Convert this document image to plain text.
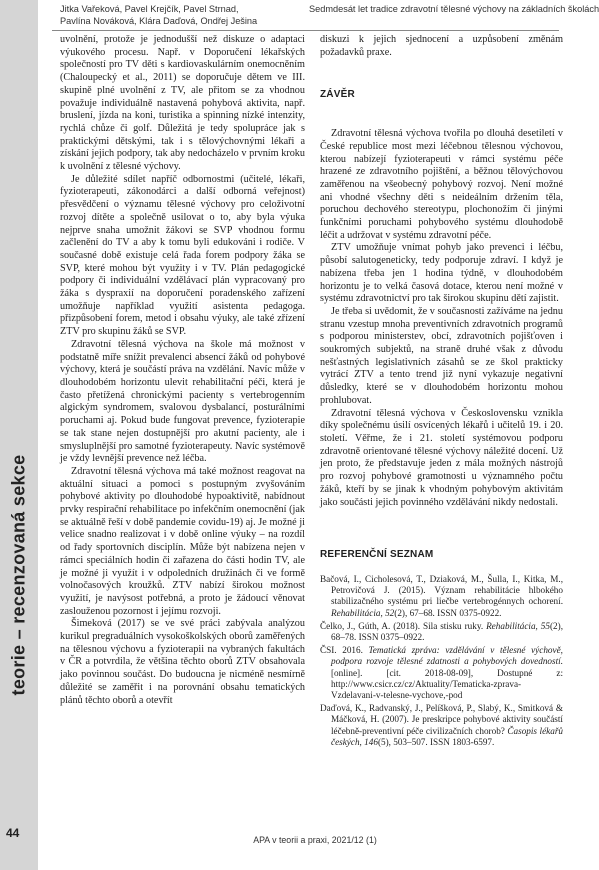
teorie – recenzovaná sekce
44
Jitka Vařeková, Pavel Krejčík, Pavel Strnad,
Pavlína Nováková, Klára Daďová, Ondřej Ješina
Sedmdesát let tradice zdravotní tělesné výchovy na základních školách

uvolnění, protože je jednodušší než diskuze o adaptaci výukového procesu. Např. v Doporučení lékařských společností pro TV děti s kardiovaskulárním onemocněním (Chaloupecký et al., 2011) se doporučuje dětem ve III. skupině plné uvolnění z TV, ale přitom se za vhodnou považuje individuálně nastavená pohybová aktivita, např. bruslení, jízda na koni, turistika a spinning nízké intenzity, rychlá chůze či golf. Důležitá je tedy spolupráce jak s praktickými dětskými, tak i s tělovýchovnými lékaři a získání jejich podpory, tak aby nedocházelo v prvním kroku k uvolnění z tělesné výchovy.

Je důležité sdílet napříč odbornostmi (učitelé, lékaři, fyzioterapeuti, zákonodárci a další odborná veřejnost) přesvědčení o významu tělesné výchovy pro celoživotní rozvoj dítěte a společně usilovat o to, aby byla výuka nejprve snaha umožnit žákovi se SVP vhodnou formu začlenění do TV a aby k tomu byli edukováni i rodiče. V současné době existuje celá řada forem podpory žáka se SVP, které mohou být využity i v TV. Plán pedagogické podpory či individuální vzdělávací plán vypracovaný pro žáka s dyspraxií na doporučení poradenského zařízení umožňuje například využití asistenta pedagoga. přizpůsobení forem, metod i obsahu výuky, ale také zřízení ZTV pro skupinu žáků se SVP.

Zdravotní tělesná výchova na škole má možnost v podstatně míře snížit prevalenci absencí žáků od pohybové výchovy, která je součástí práva na vzdělání. Navíc může v dlouhodobém horizontu ulevit rehabilitační péči, která je často přetížená chronickými pacienty s vertebrogenním algickým syndromem, svalovou dysbalancí, posturálními poruchami aj. Pokud bude fungovat prevence, fyzioterapie se tak stane nejen dostupnější pro akutní pacienty, ale i smysluplnější pro samotné fyzioterapeuty. Navíc systémově je vždy levnější prevence než léčba.

Zdravotní tělesná výchova má také možnost reagovat na aktuální situaci a pomoci s postupným zvyšováním pohybové aktivity po dlouhodobé hypoaktivitě, nabídnout prvky respirační rehabilitace po infekčním onemocnění (jak se aktuálně řeší v době pandemie covidu-19) aj. Je možné ji velice snadno realizovat i v době online výuky – na rozdíl od řady sportovních disciplín. Může být nabízena nejen v rámci speciálních hodin či zařazena do části hodin TV, ale je možné ji využít i v odpoledních družinách či ve formě volnočasových kroužků. ZTV nabízí širokou možnost využití, je navýsost potřebná, a proto je žádoucí věnovat zaslouženou pozornost i jejímu rozvoji.

Šimeková (2017) se ve své práci zabývala analýzou kurikul pregraduálních vysokoškolských oborů zaměřených na tělesnou výchovu a fyzioterapii na vybraných fakultách v ČR a potvrdila, že většina těchto oborů ZTV obsahovala jako povinnou součást. Do budoucna je nicméně nesmírně důležité se zaměřit i na porovnání obsahu tematických plánů těchto oborů a otevřít

diskuzi k jejich sjednocení a uzpůsobení změnám požadavků praxe.

ZÁVĚR

Zdravotní tělesná výchova tvořila po dlouhá desetiletí v České republice most mezi léčebnou tělesnou výchovou, kterou nabízejí fyzioterapeuti v rámci systému péče hrazené ze zdravotního pojištění, a běžnou tělovýchovou zaměřenou na všeobecný pohybový rozvoj. Není možné ani vhodné všechny děti s neideálním držením těla, poruchou dechového stereotypu, plochonožím či jinými funkčními poruchami pohybového systému dlouhodobě léčit a udržovat v systému zdravotní péče.

ZTV umožňuje vnímat pohyb jako prevenci i léčbu, působí salutogeneticky, tedy podporuje zdraví. I když je nabízena třeba jen 1 hodina týdně, v dlouhodobém horizontu je to velká časová dotace, kterou není možné v systému zdravotnictví pro tak širokou skupinu dětí zajistit.

Je třeba si uvědomit, že v současnosti zažíváme na jednu stranu vzestup mnoha preventivních zdravotních programů s podporou ministerstev, obcí, zdravotních pojišťoven i soukromých subjektů, na straně druhé však z důvodu nešťastných legislativních zásahů se ze škol prakticky vytrácí ZTV a tento trend již nyní vykazuje negativní důsledky, které se v dlouhodobém horizontu mohou prohlubovat.

Zdravotní tělesná výchova v Československu vznikla díky společnému úsilí osvícených lékařů i učitelů 19. i 20. století. Věřme, že i 21. století systémovou podporu zdravotně orientované tělesné výchovy náležité docení. Už jen proto, že představuje jeden z mála možných nástrojů pro rozvoj pohybové gramotnosti u významného počtu žáků, kteří by se jinak k vhodným pohybovým aktivitám jako součásti jejich povinného vzdělávání nikdy nedostali.

REFERENČNÍ SEZNAM
Bačová, I., Cicholesová, T., Dziaková, M., Šulla, I., Kitka, M., Petrovičová J. (2015). Význam rehabilitácie hlbokého stabilizačného systému pri liečbe vertebrogénnych ochorení. Rehabilitácia, 52(2), 67–68. ISSN 0375-0922.
Čelko, J., Gúth, A. (2018). Sila stisku ruky. Rehabilitácia, 55(2), 68–78. ISSN 0375–0922.
ČSI. 2016. Tematická zpráva: vzdělávání v tělesné výchově, podpora rozvoje tělesné zdatnosti a pohybových dovedností. [online]. [cit. 2018-08-09], Dostupné z: http://www.csicr.cz/cz/Aktuality/Tematicka-zprava-Vzdelavani-v-telesne-vychove,-pod
Daďová, K., Radvanský, J., Pelíšková, P., Slabý, K., Smitková & Máčková, H. (2007). Je preskripce pohybové aktivity součástí léčebně-preventivní péče civilizačních chorob? Časopis lékařů českých, 146(5), 503–507. ISSN 1803-6597.
APA v teorii a praxi, 2021/12 (1)
